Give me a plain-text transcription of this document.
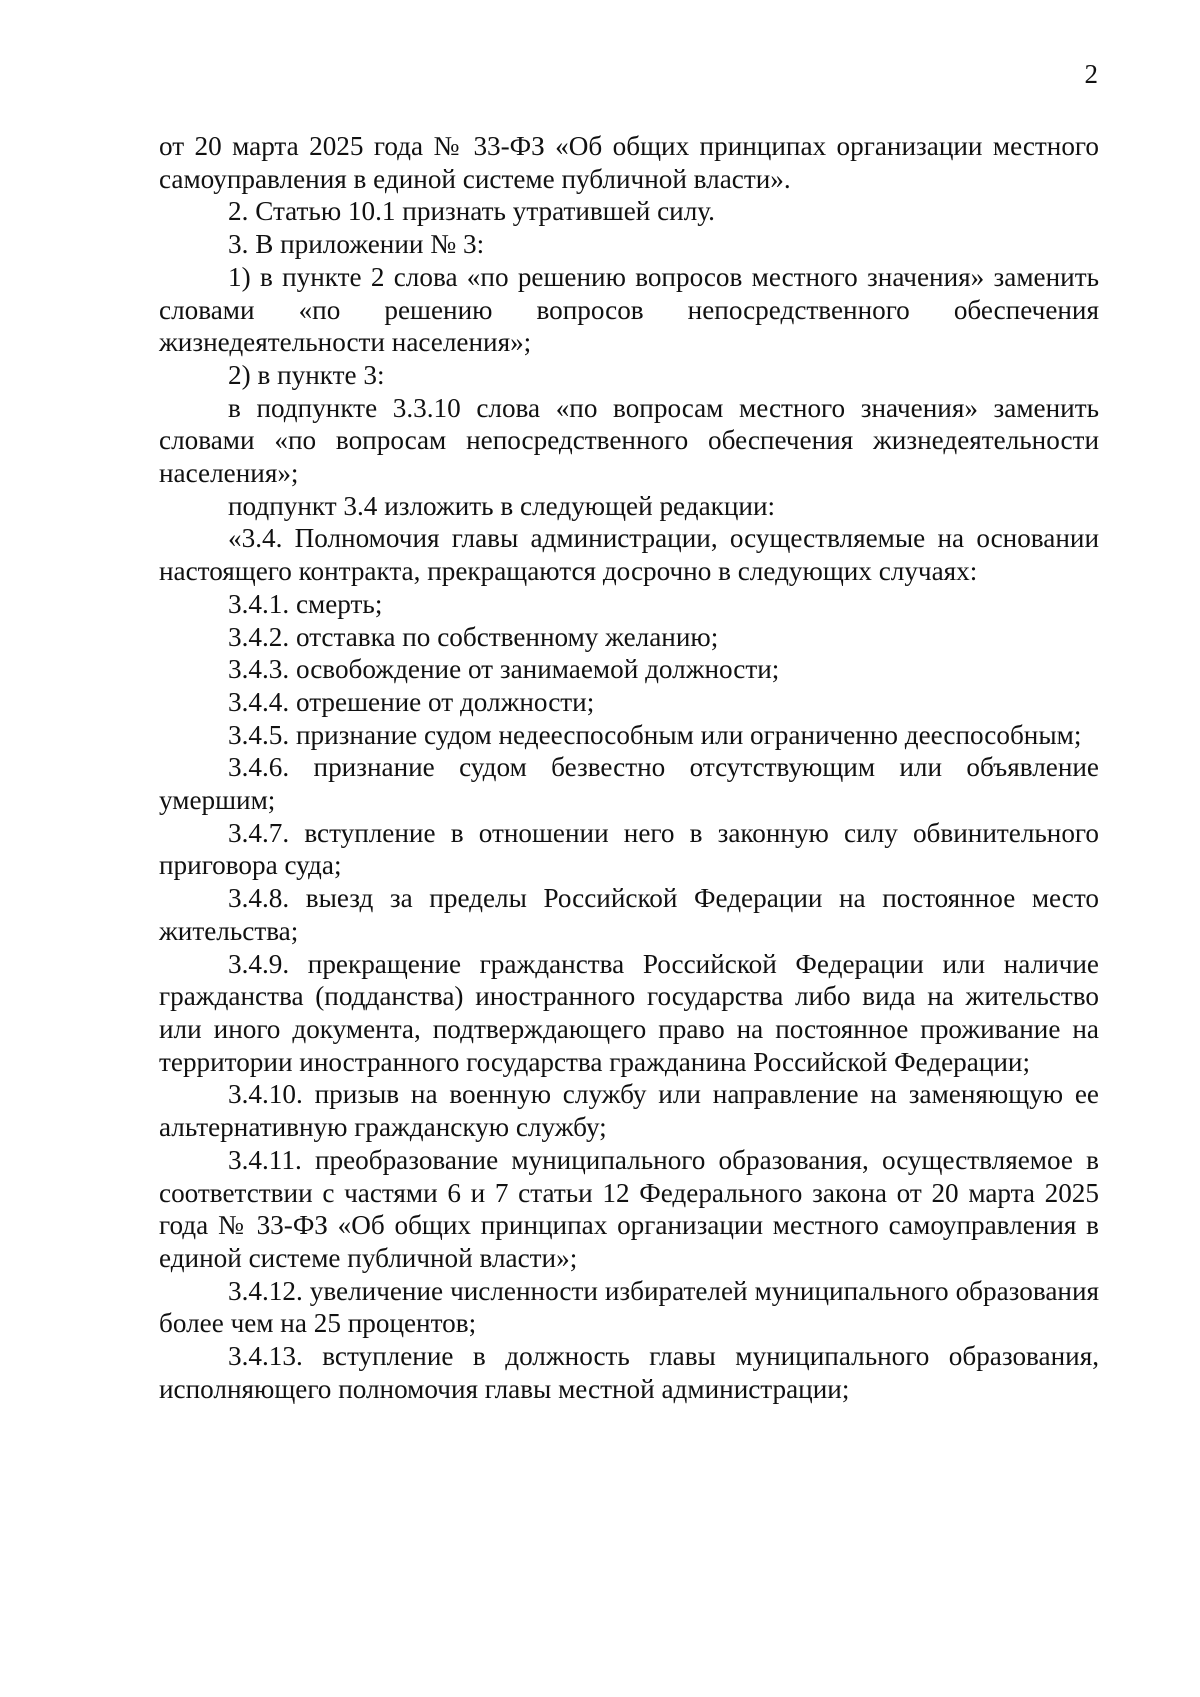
2

от 20 марта 2025 года № 33-ФЗ «Об общих принципах организации местного самоуправления в единой системе публичной власти».

2. Статью 10.1 признать утратившей силу.

3. В приложении № 3:

1) в пункте 2 слова «по решению вопросов местного значения» заменить словами «по решению вопросов непосредственного обеспечения жизнедеятельности населения»;

2) в пункте 3:

в подпункте 3.3.10 слова «по вопросам местного значения» заменить словами «по вопросам непосредственного обеспечения жизнедеятельности населения»;

подпункт 3.4 изложить в следующей редакции:

«3.4. Полномочия главы администрации, осуществляемые на основании настоящего контракта, прекращаются досрочно в следующих случаях:

3.4.1. смерть;

3.4.2. отставка по собственному желанию;

3.4.3. освобождение от занимаемой должности;

3.4.4. отрешение от должности;

3.4.5. признание судом недееспособным или ограниченно дееспособным;

3.4.6. признание судом безвестно отсутствующим или объявление умершим;

3.4.7. вступление в отношении него в законную силу обвинительного приговора суда;

3.4.8. выезд за пределы Российской Федерации на постоянное место жительства;

3.4.9. прекращение гражданства Российской Федерации или наличие гражданства (подданства) иностранного государства либо вида на жительство или иного документа, подтверждающего право на постоянное проживание на территории иностранного государства гражданина Российской Федерации;

3.4.10. призыв на военную службу или направление на заменяющую ее альтернативную гражданскую службу;

3.4.11. преобразование муниципального образования, осуществляемое в соответствии с частями 6 и 7 статьи 12 Федерального закона от 20 марта 2025 года № 33-ФЗ «Об общих принципах организации местного самоуправления в единой системе публичной власти»;

3.4.12. увеличение численности избирателей муниципального образования более чем на 25 процентов;

3.4.13. вступление в должность главы муниципального образования, исполняющего полномочия главы местной администрации;
